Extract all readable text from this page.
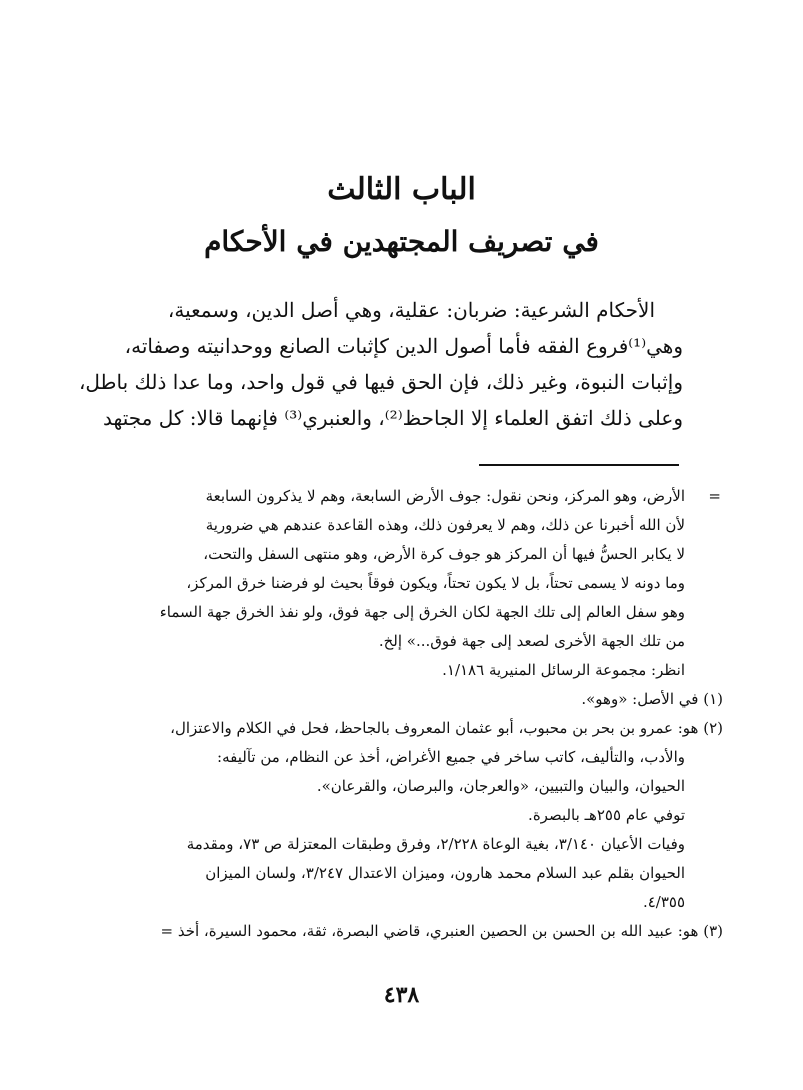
الباب الثالث
في تصريف المجتهدين في الأحكام
الأحكام الشرعية: ضربان: عقلية، وهي أصل الدين، وسمعية،
وهي⁽¹⁾فروع الفقه فأما أصول الدين كإثبات الصانع ووحدانيته وصفاته،
وإثبات النبوة، وغير ذلك، فإن الحق فيها في قول واحد، وما عدا ذلك باطل،
وعلى ذلك اتفق العلماء إلا الجاحظ⁽²⁾، والعنبري⁽³⁾ فإنهما قالا: كل مجتهد
=
الأرض، وهو المركز، ونحن نقول: جوف الأرض السابعة، وهم لا يذكرون السابعة
لأن الله أخبرنا عن ذلك، وهم لا يعرفون ذلك، وهذه القاعدة عندهم هي ضرورية
لا يكابر الحسُّ فيها أن المركز هو جوف كرة الأرض، وهو منتهى السفل والتحت،
وما دونه لا يسمى تحتاً، بل لا يكون تحتاً، ويكون فوقاً بحيث لو فرضنا خرق المركز،
وهو سفل العالم إلى تلك الجهة لكان الخرق إلى جهة فوق، ولو نفذ الخرق جهة السماء
من تلك الجهة الأخرى لصعد إلى جهة فوق...» إلخ.
انظر: مجموعة الرسائل المنيرية ١/١٨٦.
(١) في الأصل: «وهو».
(٢) هو: عمرو بن بحر بن محبوب، أبو عثمان المعروف بالجاحظ، فحل في الكلام والاعتزال،
والأدب، والتأليف، كاتب ساخر في جميع الأغراض، أخذ عن النظام، من تآليفه:
الحيوان، والبيان والتبيين، «والعرجان، والبرصان، والقرعان».
توفي عام ٢٥٥هـ بالبصرة.
وفيات الأعيان ٣/١٤٠، بغية الوعاة ٢/٢٢٨، وفرق وطبقات المعتزلة ص ٧٣، ومقدمة
الحيوان بقلم عبد السلام محمد هارون، وميزان الاعتدال ٣/٢٤٧، ولسان الميزان
٤/٣٥٥.
(٣) هو: عبيد الله بن الحسن بن الحصين العنبري، قاضي البصرة، ثقة، محمود السيرة، أخذ =
٤٣٨
